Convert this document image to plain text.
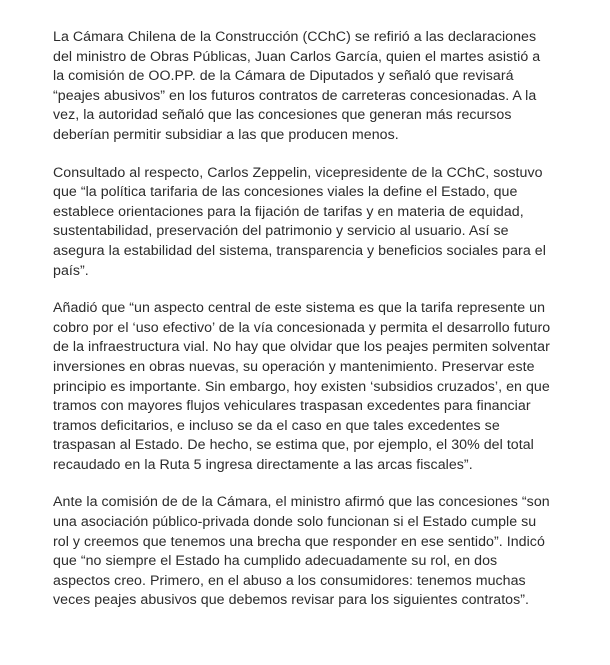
La Cámara Chilena de la Construcción (CChC) se refirió a las declaraciones del ministro de Obras Públicas, Juan Carlos García, quien el martes asistió a la comisión de OO.PP. de la Cámara de Diputados y señaló que revisará “peajes abusivos” en los futuros contratos de carreteras concesionadas. A la vez, la autoridad señaló que las concesiones que generan más recursos deberían permitir subsidiar a las que producen menos.

Consultado al respecto, Carlos Zeppelin, vicepresidente de la CChC, sostuvo que “la política tarifaria de las concesiones viales la define el Estado, que establece orientaciones para la fijación de tarifas y en materia de equidad, sustentabilidad, preservación del patrimonio y servicio al usuario. Así se asegura la estabilidad del sistema, transparencia y beneficios sociales para el país”.

Añadió que “un aspecto central de este sistema es que la tarifa represente un cobro por el ‘uso efectivo’ de la vía concesionada y permita el desarrollo futuro de la infraestructura vial. No hay que olvidar que los peajes permiten solventar inversiones en obras nuevas, su operación y mantenimiento. Preservar este principio es importante. Sin embargo, hoy existen ‘subsidios cruzados’, en que tramos con mayores flujos vehiculares traspasan excedentes para financiar tramos deficitarios, e incluso se da el caso en que tales excedentes se traspasan al Estado. De hecho, se estima que, por ejemplo, el 30% del total recaudado en la Ruta 5 ingresa directamente a las arcas fiscales”.

Ante la comisión de de la Cámara, el ministro afirmó que las concesiones “son una asociación público-privada donde solo funcionan si el Estado cumple su rol y creemos que tenemos una brecha que responder en ese sentido”. Indicó que “no siempre el Estado ha cumplido adecuadamente su rol, en dos aspectos creo. Primero, en el abuso a los consumidores: tenemos muchas veces peajes abusivos que debemos revisar para los siguientes contratos”.
